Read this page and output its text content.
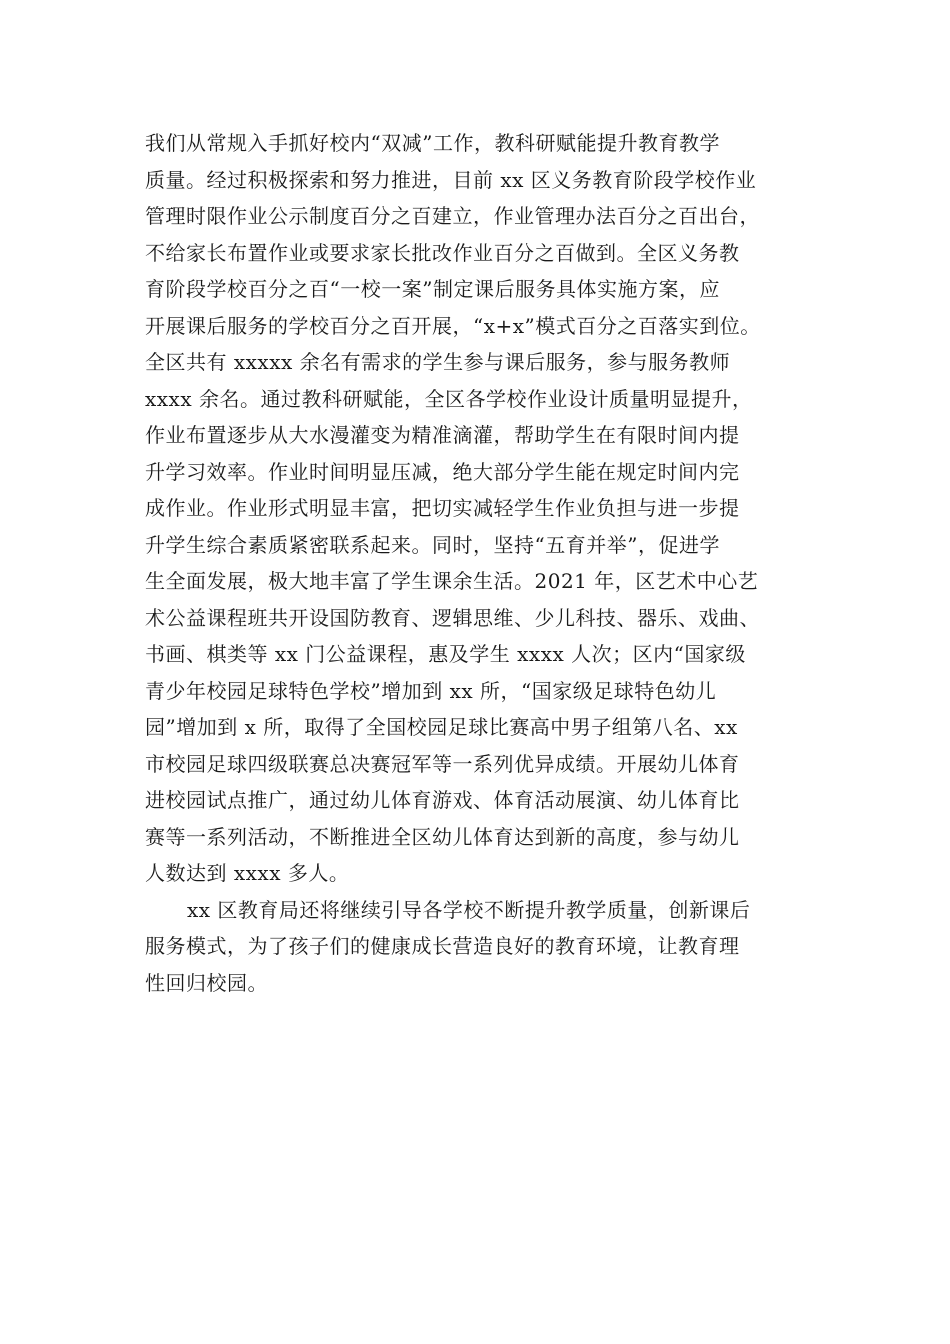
我们从常规入手抓好校内“双减”工作，教科研赋能提升教育教学
质量。经过积极探索和努力推进，目前 xx 区义务教育阶段学校作业
管理时限作业公示制度百分之百建立，作业管理办法百分之百出台，
不给家长布置作业或要求家长批改作业百分之百做到。全区义务教
育阶段学校百分之百“一校一案”制定课后服务具体实施方案，应
开展课后服务的学校百分之百开展，“x+x”模式百分之百落实到位。
全区共有 xxxxx 余名有需求的学生参与课后服务，参与服务教师
xxxx 余名。通过教科研赋能，全区各学校作业设计质量明显提升，
作业布置逐步从大水漫灌变为精准滴灌，帮助学生在有限时间内提
升学习效率。作业时间明显压减，绝大部分学生能在规定时间内完
成作业。作业形式明显丰富，把切实减轻学生作业负担与进一步提
升学生综合素质紧密联系起来。同时，坚持“五育并举”，促进学
生全面发展，极大地丰富了学生课余生活。2021 年，区艺术中心艺
术公益课程班共开设国防教育、逻辑思维、少儿科技、器乐、戏曲、
书画、棋类等 xx 门公益课程，惠及学生 xxxx 人次；区内“国家级
青少年校园足球特色学校”增加到 xx 所，“国家级足球特色幼儿
园”增加到 x 所，取得了全国校园足球比赛高中男子组第八名、xx
市校园足球四级联赛总决赛冠军等一系列优异成绩。开展幼儿体育
进校园试点推广，通过幼儿体育游戏、体育活动展演、幼儿体育比
赛等一系列活动，不断推进全区幼儿体育达到新的高度，参与幼儿
人数达到 xxxx 多人。
xx 区教育局还将继续引导各学校不断提升教学质量，创新课后
服务模式，为了孩子们的健康成长营造良好的教育环境，让教育理
性回归校园。
